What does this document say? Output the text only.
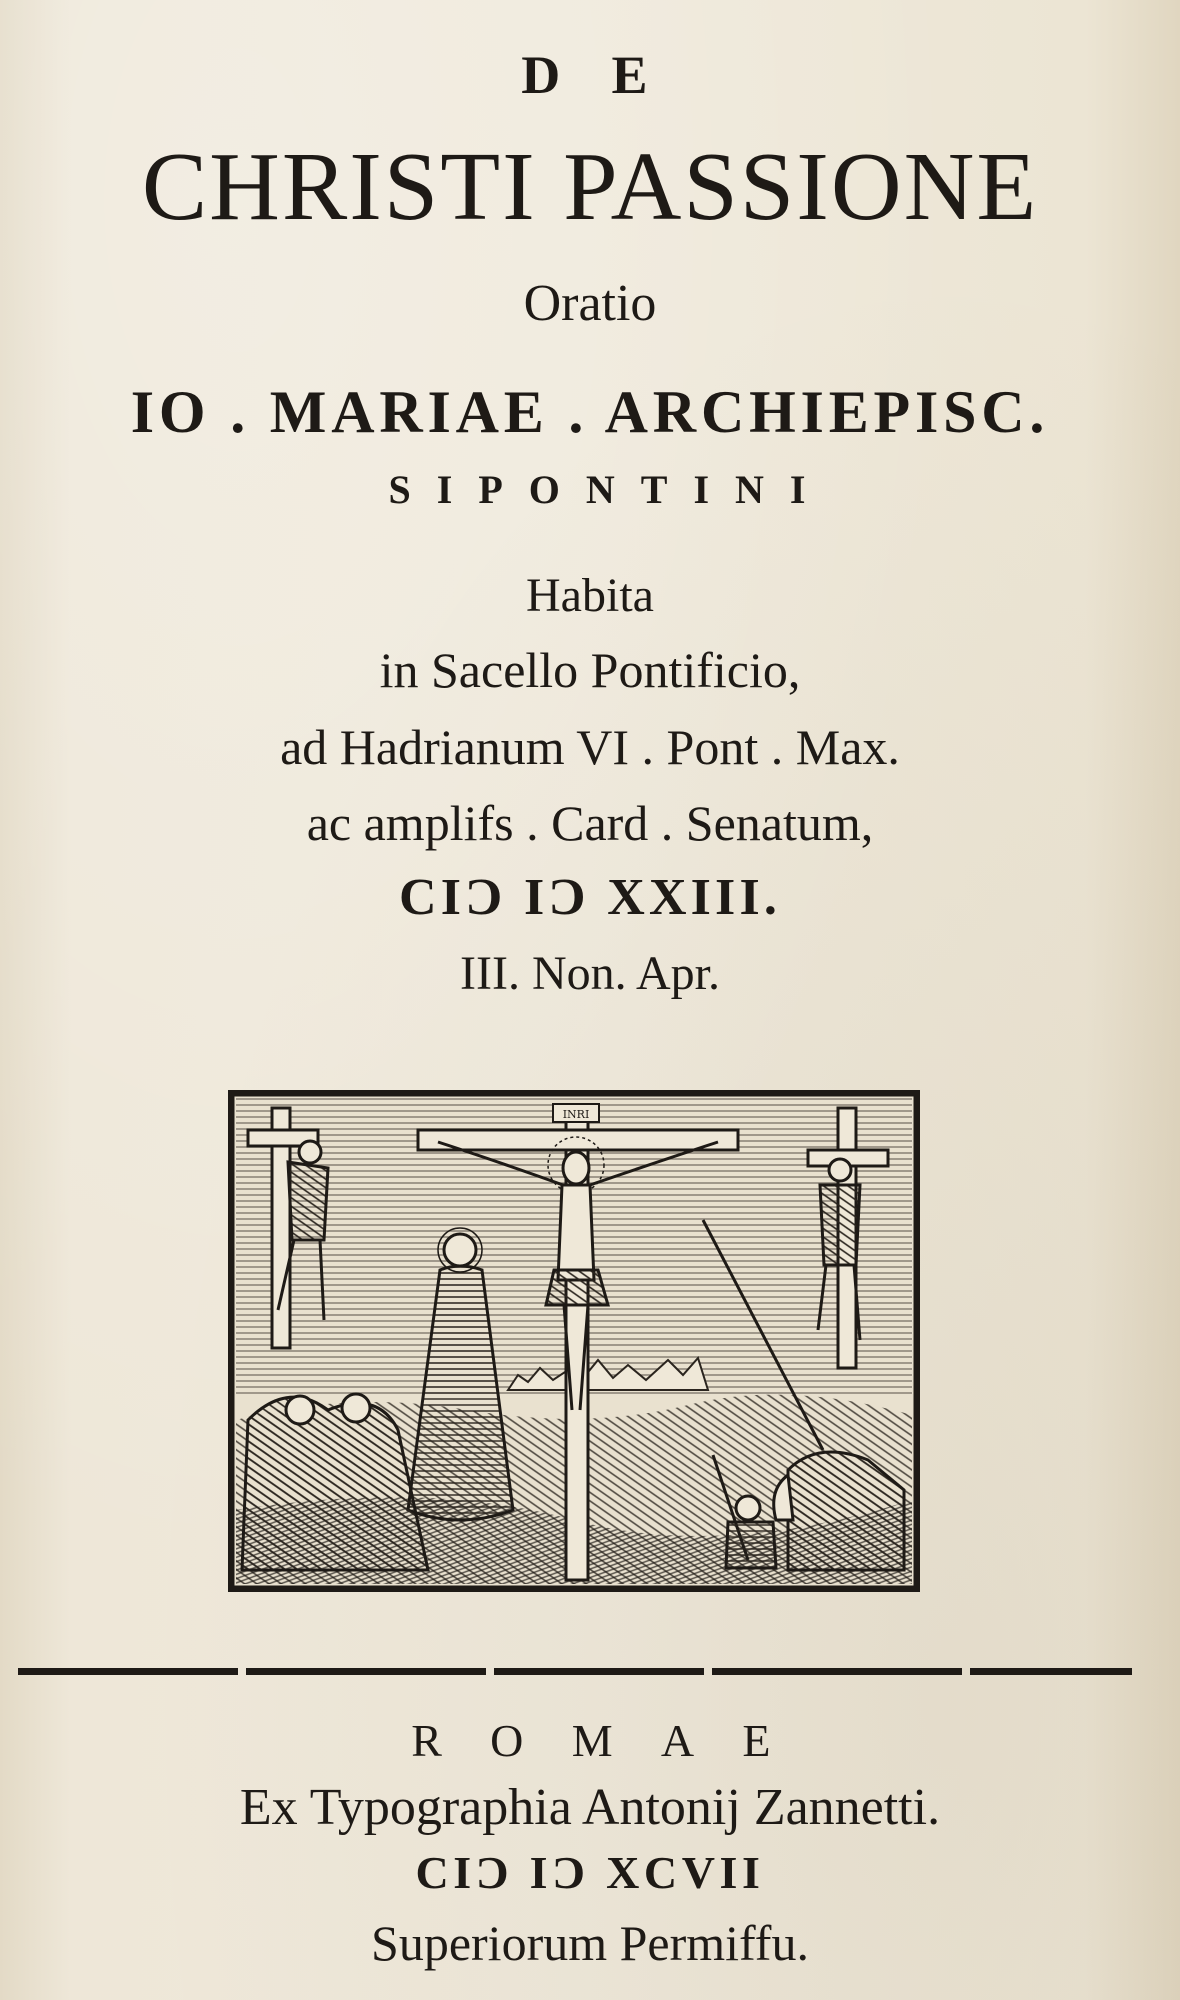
DE

CHRISTI PASSIONE

Oratio

IO . MARIAE . ARCHIEPISC.

SIPONTINI

Habita

in Sacello Pontificio,

ad Hadrianum VI . Pont . Max.

ac amplifs . Card . Senatum,

CIϽ IϽ XXIII.

III. Non. Apr.

INRI

ROMAE

Ex Typographia Antonij Zannetti.

CIϽ IϽ XCVII

Superiorum Permiffu.
